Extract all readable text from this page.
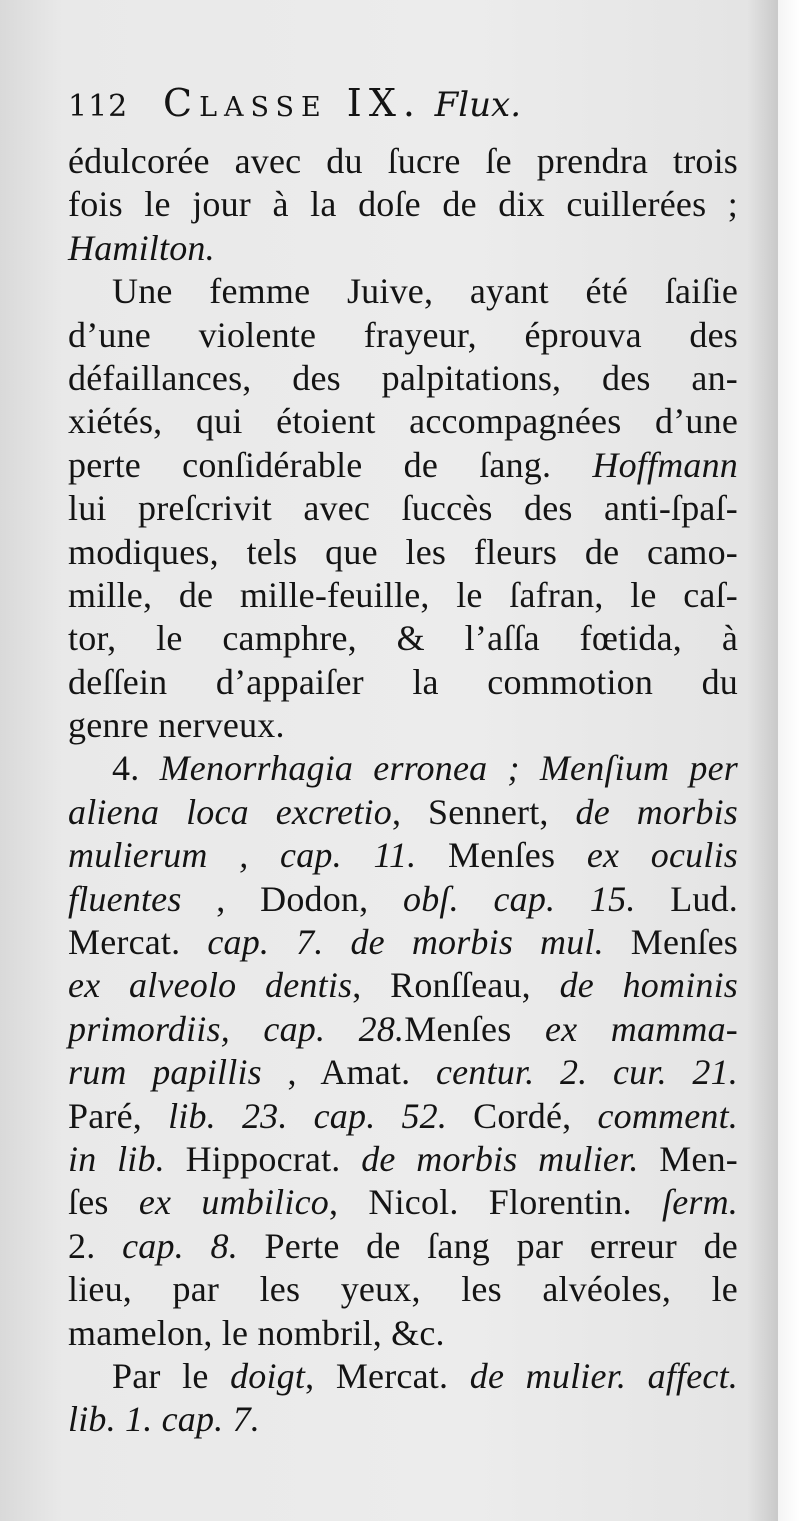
112 Classe IX. Flux.
édulcorée avec du ſucre ſe prendra trois
fois le jour à la doſe de dix cuillerées ;
Hamilton.
Une femme Juive, ayant été ſaiſie
d’une violente frayeur, éprouva des
défaillances, des palpitations, des an-
xiétés, qui étoient accompagnées d’une
perte conſidérable de ſang. Hoffmann
lui preſcrivit avec ſuccès des anti-ſpaſ-
modiques, tels que les fleurs de camo-
mille, de mille-feuille, le ſafran, le caſ-
tor, le camphre, & l’aſſa fœtida, à
deſſein d’appaiſer la commotion du
genre nerveux.
4. Menorrhagia erronea ; Menſium per
aliena loca excretio, Sennert, de morbis
mulierum , cap. 11. Menſes ex oculis
fluentes , Dodon, obſ. cap. 15. Lud.
Mercat. cap. 7. de morbis mul. Menſes
ex alveolo dentis, Ronſſeau, de hominis
primordiis, cap. 28.Menſes ex mamma-
rum papillis , Amat. centur. 2. cur. 21.
Paré, lib. 23. cap. 52. Cordé, comment.
in lib. Hippocrat. de morbis mulier. Men-
ſes ex umbilico, Nicol. Florentin. ſerm.
2. cap. 8. Perte de ſang par erreur de
lieu, par les yeux, les alvéoles, le
mamelon, le nombril, &c.
Par le doigt, Mercat. de mulier. affect.
lib. 1. cap. 7.
